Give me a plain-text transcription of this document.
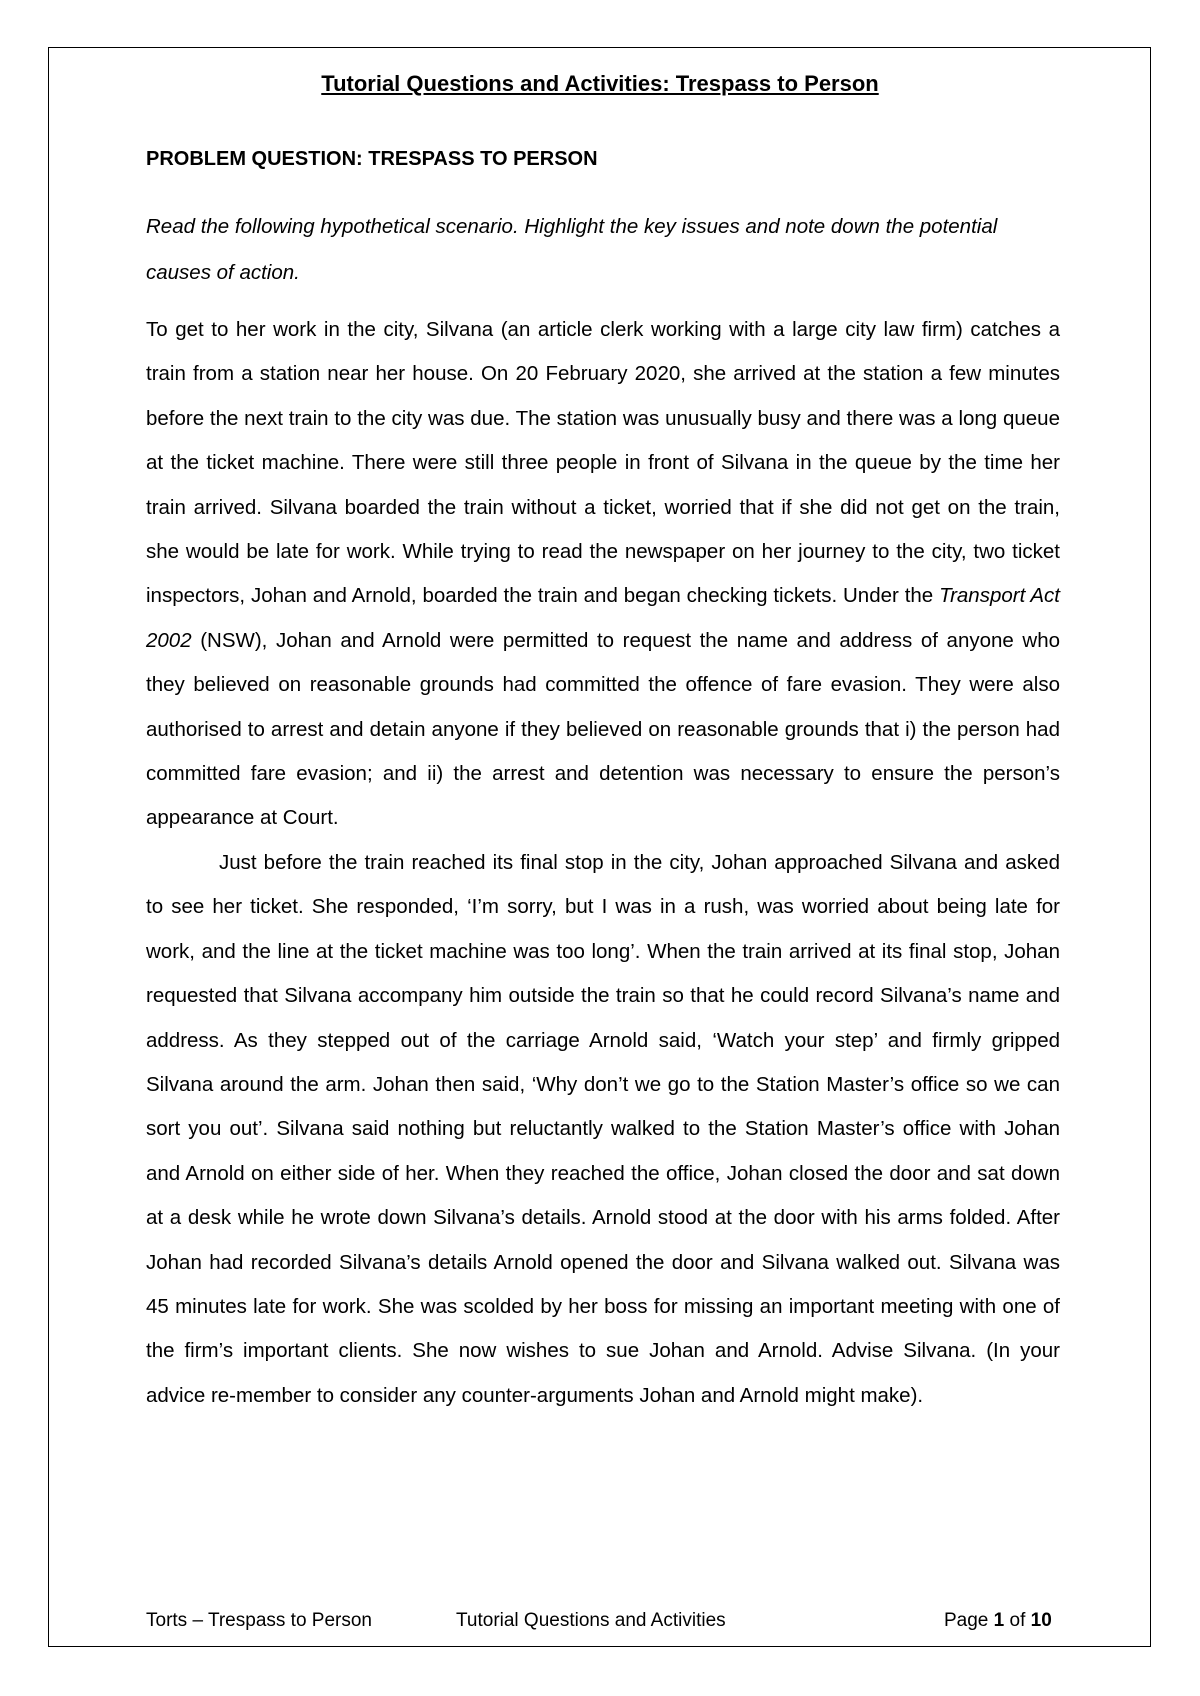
Tutorial Questions and Activities: Trespass to Person
PROBLEM QUESTION: TRESPASS TO PERSON

Read the following hypothetical scenario. Highlight the key issues and note down the potential causes of action.

To get to her work in the city, Silvana (an article clerk working with a large city law firm) catches a train from a station near her house. On 20 February 2020, she arrived at the station a few minutes before the next train to the city was due. The station was unusually busy and there was a long queue at the ticket machine. There were still three people in front of Silvana in the queue by the time her train arrived. Silvana boarded the train without a ticket, worried that if she did not get on the train, she would be late for work. While trying to read the newspaper on her journey to the city, two ticket inspectors, Johan and Arnold, boarded the train and began checking tickets. Under the Transport Act 2002 (NSW), Johan and Arnold were permitted to request the name and address of anyone who they believed on reasonable grounds had committed the offence of fare evasion. They were also authorised to arrest and detain anyone if they believed on reasonable grounds that i) the person had committed fare evasion; and ii) the arrest and detention was necessary to ensure the person’s appearance at Court.

Just before the train reached its final stop in the city, Johan approached Silvana and asked to see her ticket. She responded, ‘I’m sorry, but I was in a rush, was worried about being late for work, and the line at the ticket machine was too long’. When the train arrived at its final stop, Johan requested that Silvana accompany him outside the train so that he could record Silvana’s name and address. As they stepped out of the carriage Arnold said, ‘Watch your step’ and firmly gripped Silvana around the arm. Johan then said, ‘Why don’t we go to the Station Master’s office so we can sort you out’. Silvana said nothing but reluctantly walked to the Station Master’s office with Johan and Arnold on either side of her. When they reached the office, Johan closed the door and sat down at a desk while he wrote down Silvana’s details. Arnold stood at the door with his arms folded. After Johan had recorded Silvana’s details Arnold opened the door and Silvana walked out. Silvana was 45 minutes late for work. She was scolded by her boss for missing an important meeting with one of the firm’s important clients. She now wishes to sue Johan and Arnold. Advise Silvana. (In your advice re-member to consider any counter-arguments Johan and Arnold might make).

Torts – Trespass to Person	Tutorial Questions and Activities	Page 1 of 10
